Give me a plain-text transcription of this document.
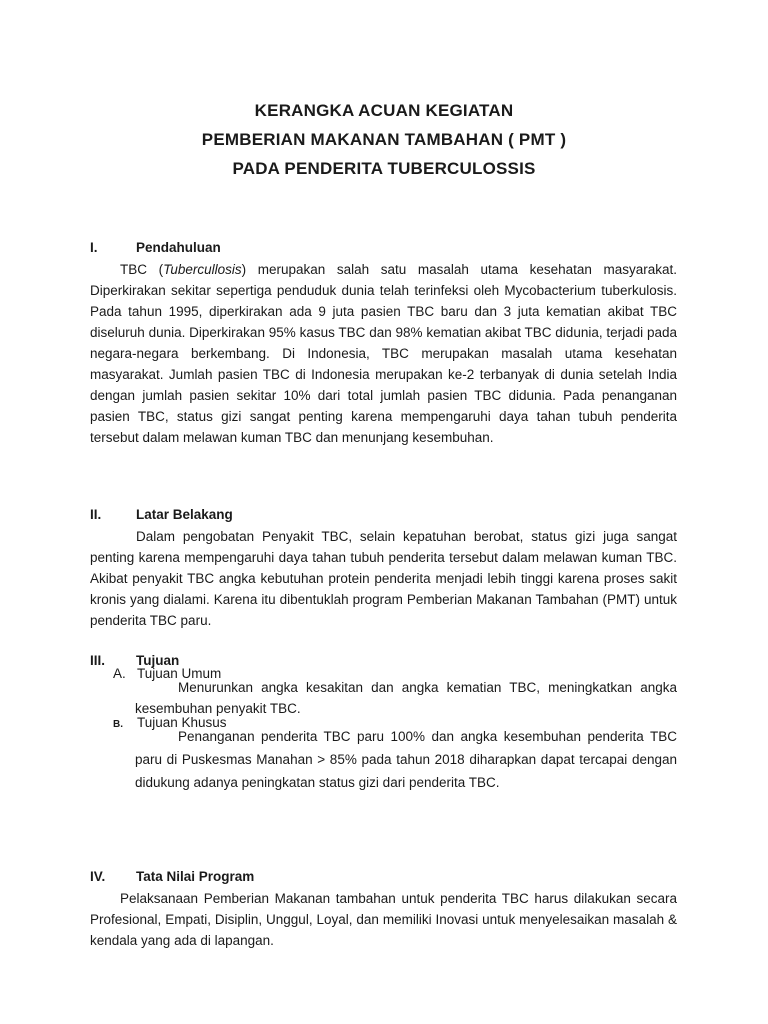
KERANGKA ACUAN KEGIATAN
PEMBERIAN MAKANAN TAMBAHAN ( PMT )
PADA PENDERITA TUBERCULOSSIS
I.	Pendahuluan

TBC (Tubercullosis) merupakan salah satu masalah utama kesehatan masyarakat. Diperkirakan sekitar sepertiga penduduk dunia telah terinfeksi oleh Mycobacterium tuberkulosis. Pada tahun 1995, diperkirakan ada 9 juta pasien TBC baru dan 3 juta kematian akibat TBC diseluruh dunia. Diperkirakan 95% kasus TBC dan 98% kematian akibat TBC didunia, terjadi pada negara-negara berkembang. Di Indonesia, TBC merupakan masalah utama kesehatan masyarakat. Jumlah pasien TBC di Indonesia merupakan ke-2 terbanyak di dunia setelah India dengan jumlah pasien sekitar 10% dari total jumlah pasien TBC didunia. Pada penanganan pasien TBC, status gizi sangat penting karena mempengaruhi daya tahan tubuh penderita tersebut dalam melawan kuman TBC dan menunjang kesembuhan.

II.	Latar Belakang

Dalam pengobatan Penyakit TBC, selain kepatuhan berobat, status gizi juga sangat penting karena mempengaruhi daya tahan tubuh penderita tersebut dalam melawan kuman TBC. Akibat penyakit TBC angka kebutuhan protein penderita menjadi lebih tinggi karena proses sakit kronis yang dialami. Karena itu dibentuklah program Pemberian Makanan Tambahan (PMT) untuk penderita TBC paru.

III. Tujuan
A. Tujuan Umum

Menurunkan angka kesakitan dan angka kematian TBC, meningkatkan angka kesembuhan penyakit TBC.

B. Tujuan Khusus

Penanganan penderita TBC paru 100% dan angka kesembuhan penderita TBC paru di Puskesmas Manahan > 85% pada tahun 2018 diharapkan dapat tercapai dengan didukung adanya peningkatan status gizi dari penderita TBC.

IV. Tata Nilai Program

Pelaksanaan Pemberian Makanan tambahan untuk penderita TBC harus dilakukan secara Profesional, Empati, Disiplin, Unggul, Loyal, dan memiliki Inovasi untuk menyelesaikan masalah & kendala yang ada di lapangan.
